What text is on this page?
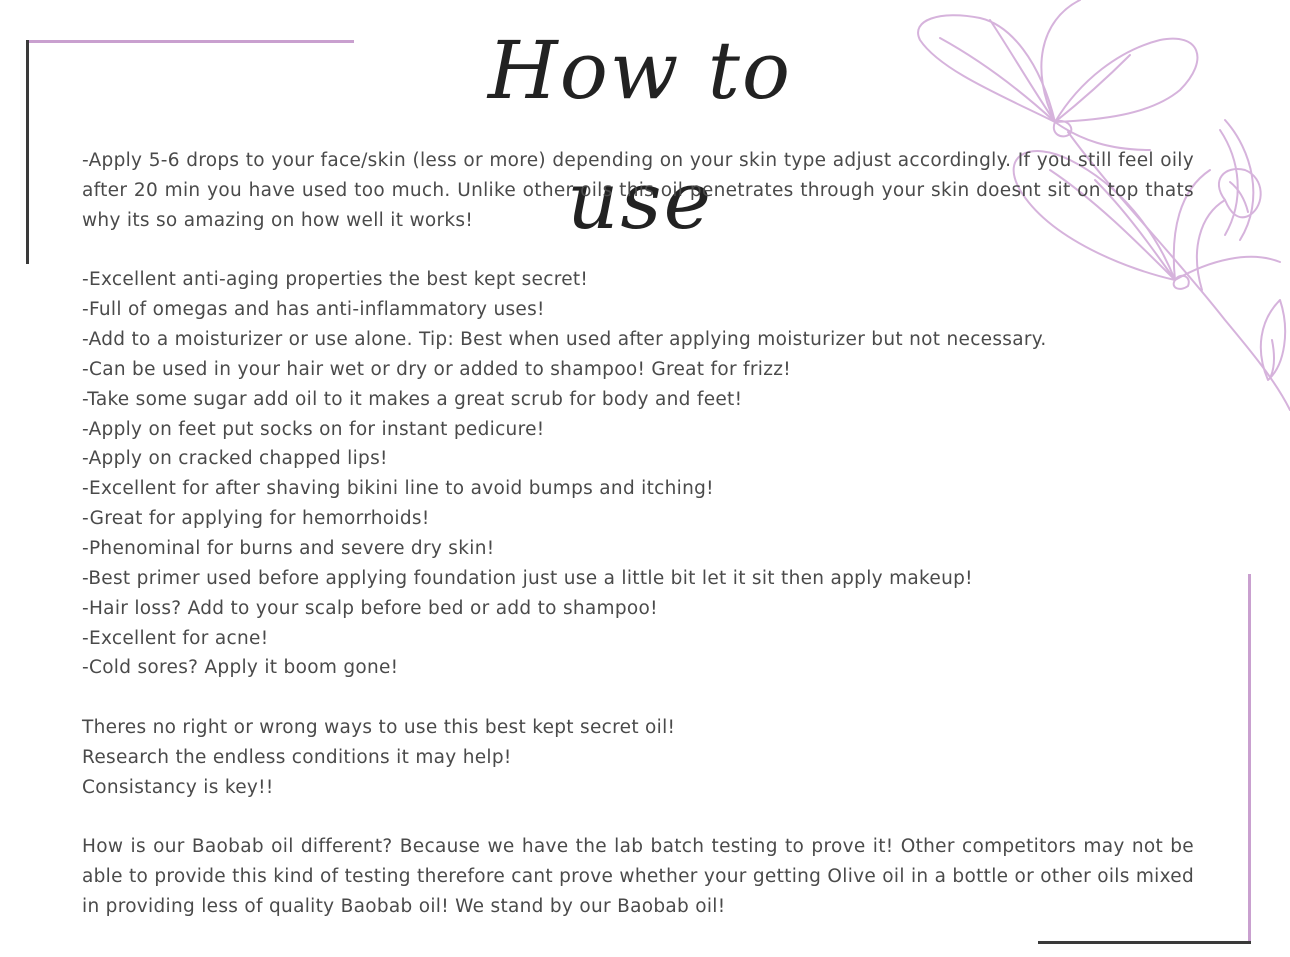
How to use

-Apply 5-6 drops to your face/skin (less or more) depending on your skin type adjust accordingly. If you still feel oily after 20 min you have used too much. Unlike other oils this oil penetrates through your skin doesnt sit on top thats why its so amazing on how well it works!

-Excellent anti-aging properties the best kept secret!
-Full of omegas and has anti-inflammatory uses!
-Add to a moisturizer or use alone. Tip: Best when used after applying moisturizer but not necessary.
-Can be used in your hair wet or dry or added to shampoo! Great for frizz!
-Take some sugar add oil to it makes a great scrub for body and feet!
-Apply on feet put socks on for instant pedicure!
-Apply on cracked chapped lips!
-Excellent for after shaving bikini line to avoid bumps and itching!
-Great for applying for hemorrhoids!
-Phenominal for burns and severe dry skin!
-Best primer used before applying foundation just use a little bit let it sit then apply makeup!
-Hair loss? Add to your scalp before bed or add to shampoo!
-Excellent for acne!
-Cold sores? Apply it boom gone!
Theres no right or wrong ways to use this best kept secret oil!
Research the endless conditions it may help!
Consistancy is key!!

How is our Baobab oil different? Because we have the lab batch testing to prove it! Other competitors may not be able to provide this kind of testing therefore cant prove whether your getting Olive oil in a bottle or other oils mixed in providing less of quality Baobab oil! We stand by our Baobab oil!
